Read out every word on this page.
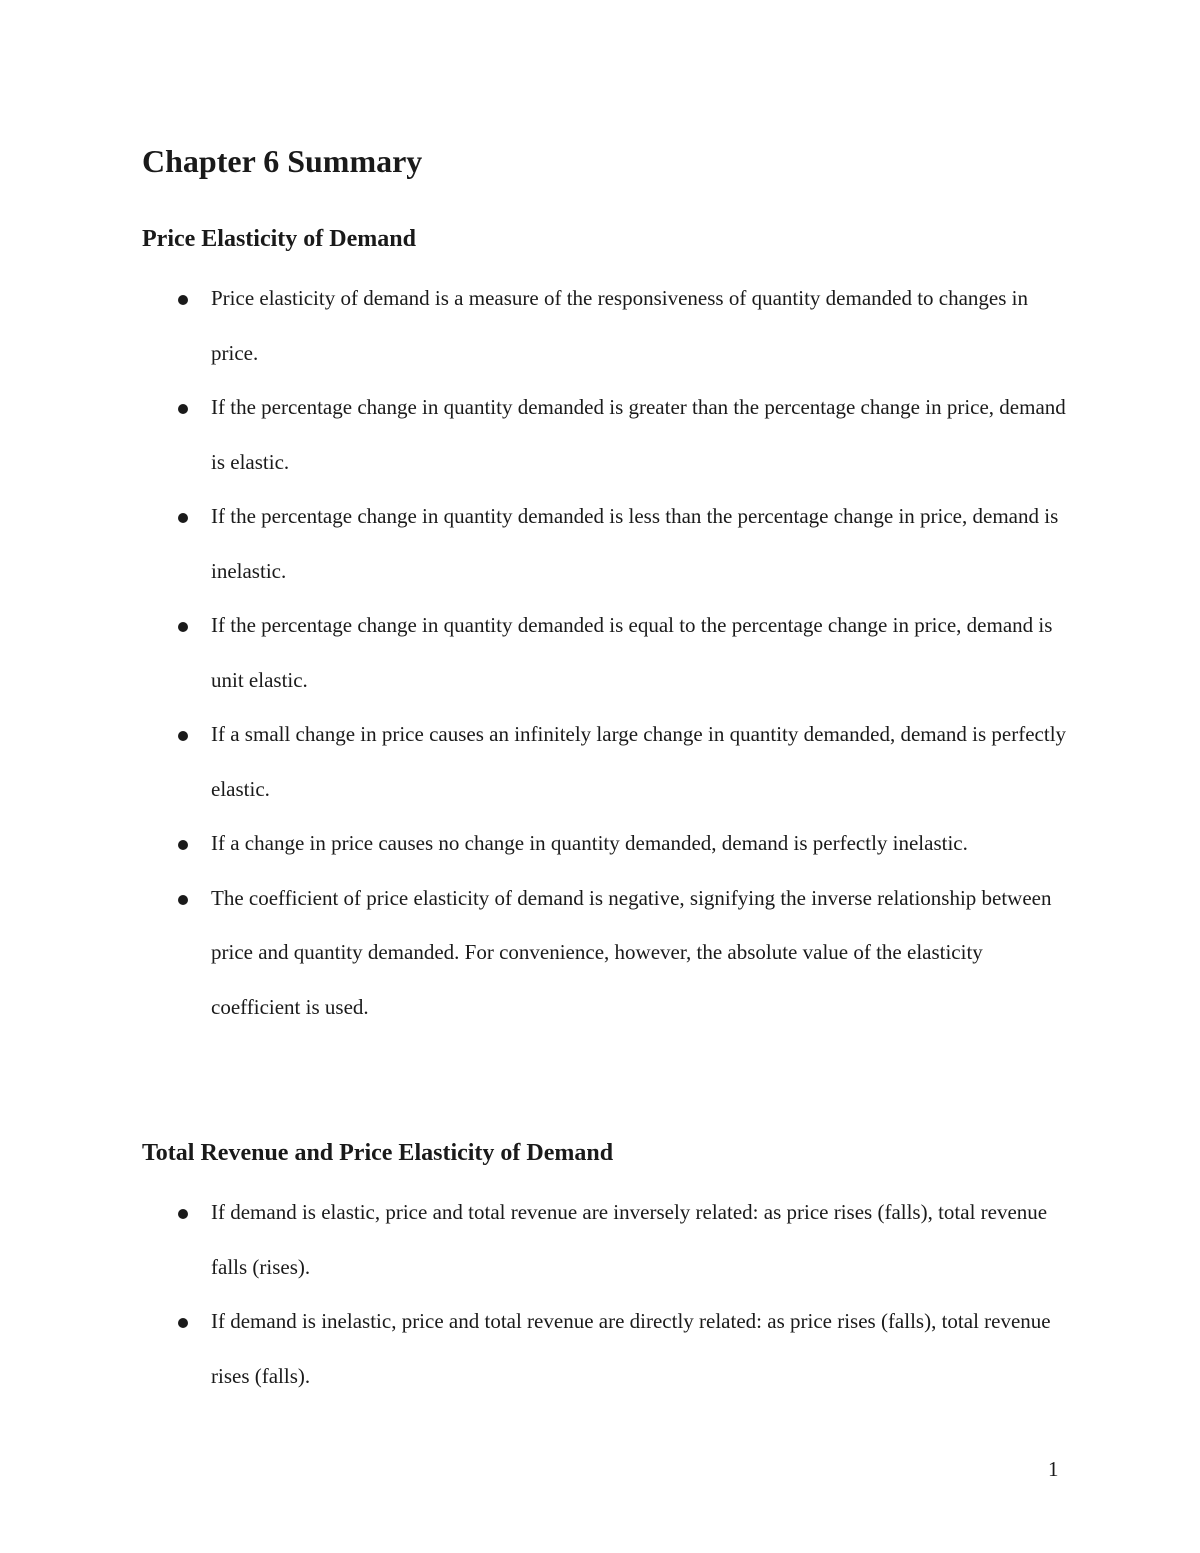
Chapter 6 Summary
Price Elasticity of Demand
Price elasticity of demand is a measure of the responsiveness of quantity demanded to changes in price.
If the percentage change in quantity demanded is greater than the percentage change in price, demand is elastic.
If the percentage change in quantity demanded is less than the percentage change in price, demand is inelastic.
If the percentage change in quantity demanded is equal to the percentage change in price, demand is unit elastic.
If a small change in price causes an infinitely large change in quantity demanded, demand is perfectly elastic.
If a change in price causes no change in quantity demanded, demand is perfectly inelastic.
The coefficient of price elasticity of demand is negative, signifying the inverse relationship between price and quantity demanded. For convenience, however, the absolute value of the elasticity coefficient is used.
Total Revenue and Price Elasticity of Demand
If demand is elastic, price and total revenue are inversely related: as price rises (falls), total revenue falls (rises).
If demand is inelastic, price and total revenue are directly related: as price rises (falls), total revenue rises (falls).
1
